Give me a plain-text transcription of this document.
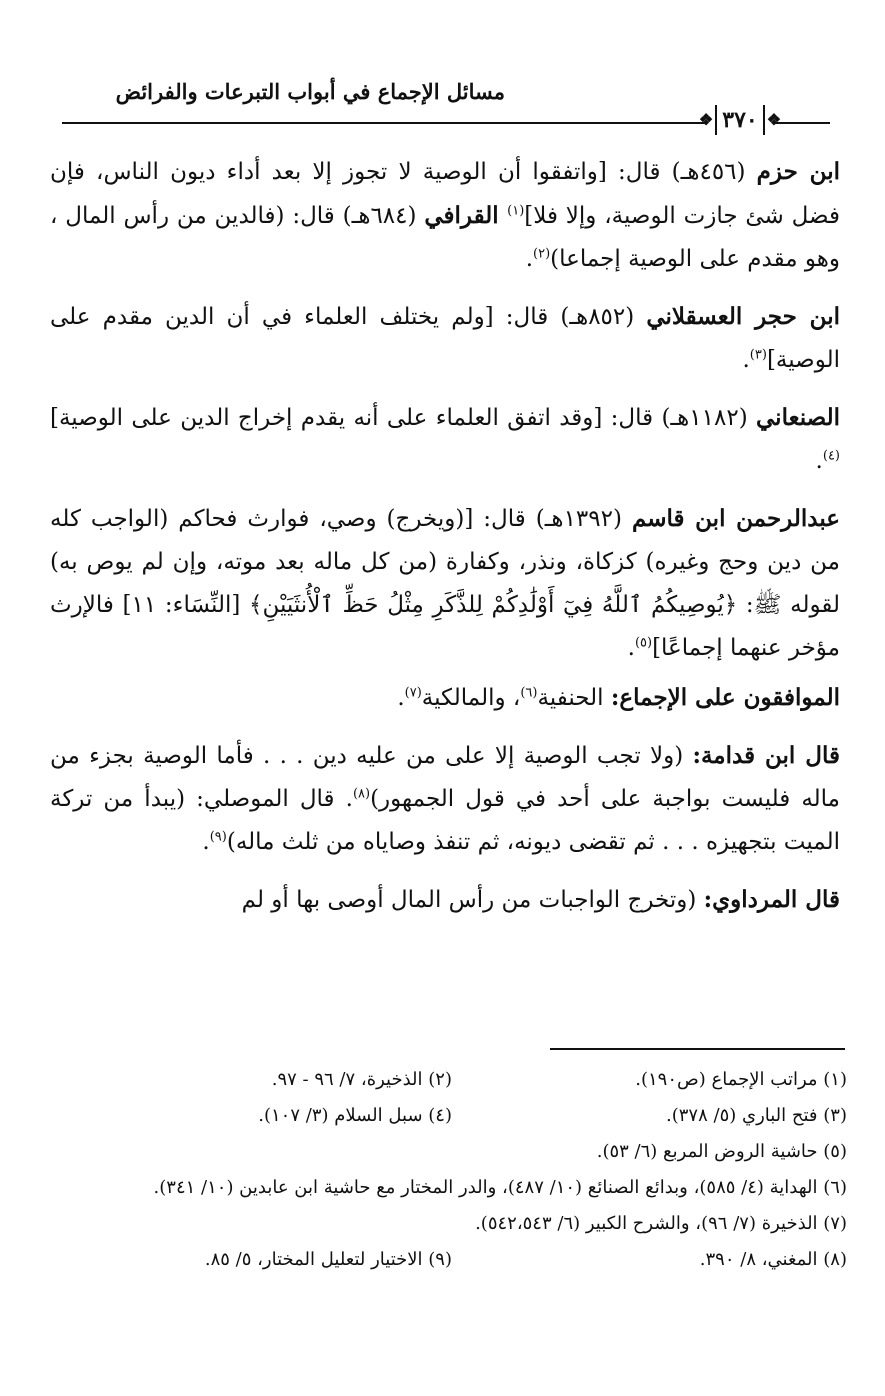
مسائل الإجماع في أبواب التبرعات والفرائض
❖
٣٧٠
❖

ابن حزم (٤٥٦هـ) قال: [واتفقوا أن الوصية لا تجوز إلا بعد أداء ديون الناس، فإن فضل شئ جازت الوصية، وإلا فلا]$^{(١)}$ القرافي (٦٨٤هـ) قال: (فالدين من رأس المال ، وهو مقدم على الوصية إجماعا)$^{(٢)}$.

ابن حجر العسقلاني (٨٥٢هـ) قال: [ولم يختلف العلماء في أن الدين مقدم على الوصية]$^{(٣)}$.

الصنعاني (١١٨٢هـ) قال: [وقد اتفق العلماء على أنه يقدم إخراج الدين على الوصية]$^{(٤)}$.

عبدالرحمن ابن قاسم (١٣٩٢هـ) قال: [(ويخرج) وصي، فوارث فحاكم (الواجب كله من دين وحج وغيره) كزكاة، ونذر، وكفارة (من كل ماله بعد موته، وإن لم يوص به) لقوله ﷺ: ﴿يُوصِيكُمُ ٱللَّهُ فِيٓ أَوْلَٰدِكُمْ لِلذَّكَرِ مِثْلُ حَظِّ ٱلْأُنثَيَيْنِ﴾ [النِّسَاء: ١١] فالإرث مؤخر عنهما إجماعًا]$^{(٥)}$.

الموافقون على الإجماع: الحنفية$^{(٦)}$، والمالكية$^{(٧)}$.

قال ابن قدامة: (ولا تجب الوصية إلا على من عليه دين . . . فأما الوصية بجزء من ماله فليست بواجبة على أحد في قول الجمهور)$^{(٨)}$. قال الموصلي: (يبدأ من تركة الميت بتجهيزه . . . ثم تقضى ديونه، ثم تنفذ وصاياه من ثلث ماله)$^{(٩)}$.

قال المرداوي: (وتخرج الواجبات من رأس المال أوصى بها أو لم

(١) مراتب الإجماع (ص١٩٠).
(٢) الذخيرة، ٧/ ٩٦ - ٩٧.
(٣) فتح الباري (٥/ ٣٧٨).
(٤) سبل السلام (٣/ ١٠٧).
(٥) حاشية الروض المربع (٦/ ٥٣).
(٦) الهداية (٤/ ٥٨٥)، وبدائع الصنائع (١٠/ ٤٨٧)، والدر المختار مع حاشية ابن عابدين (١٠/ ٣٤١).
(٧) الذخيرة (٧/ ٩٦)، والشرح الكبير (٦/ ٥٤٢،٥٤٣).
(٨) المغني، ٨/ ٣٩٠.
(٩) الاختيار لتعليل المختار، ٥/ ٨٥.
